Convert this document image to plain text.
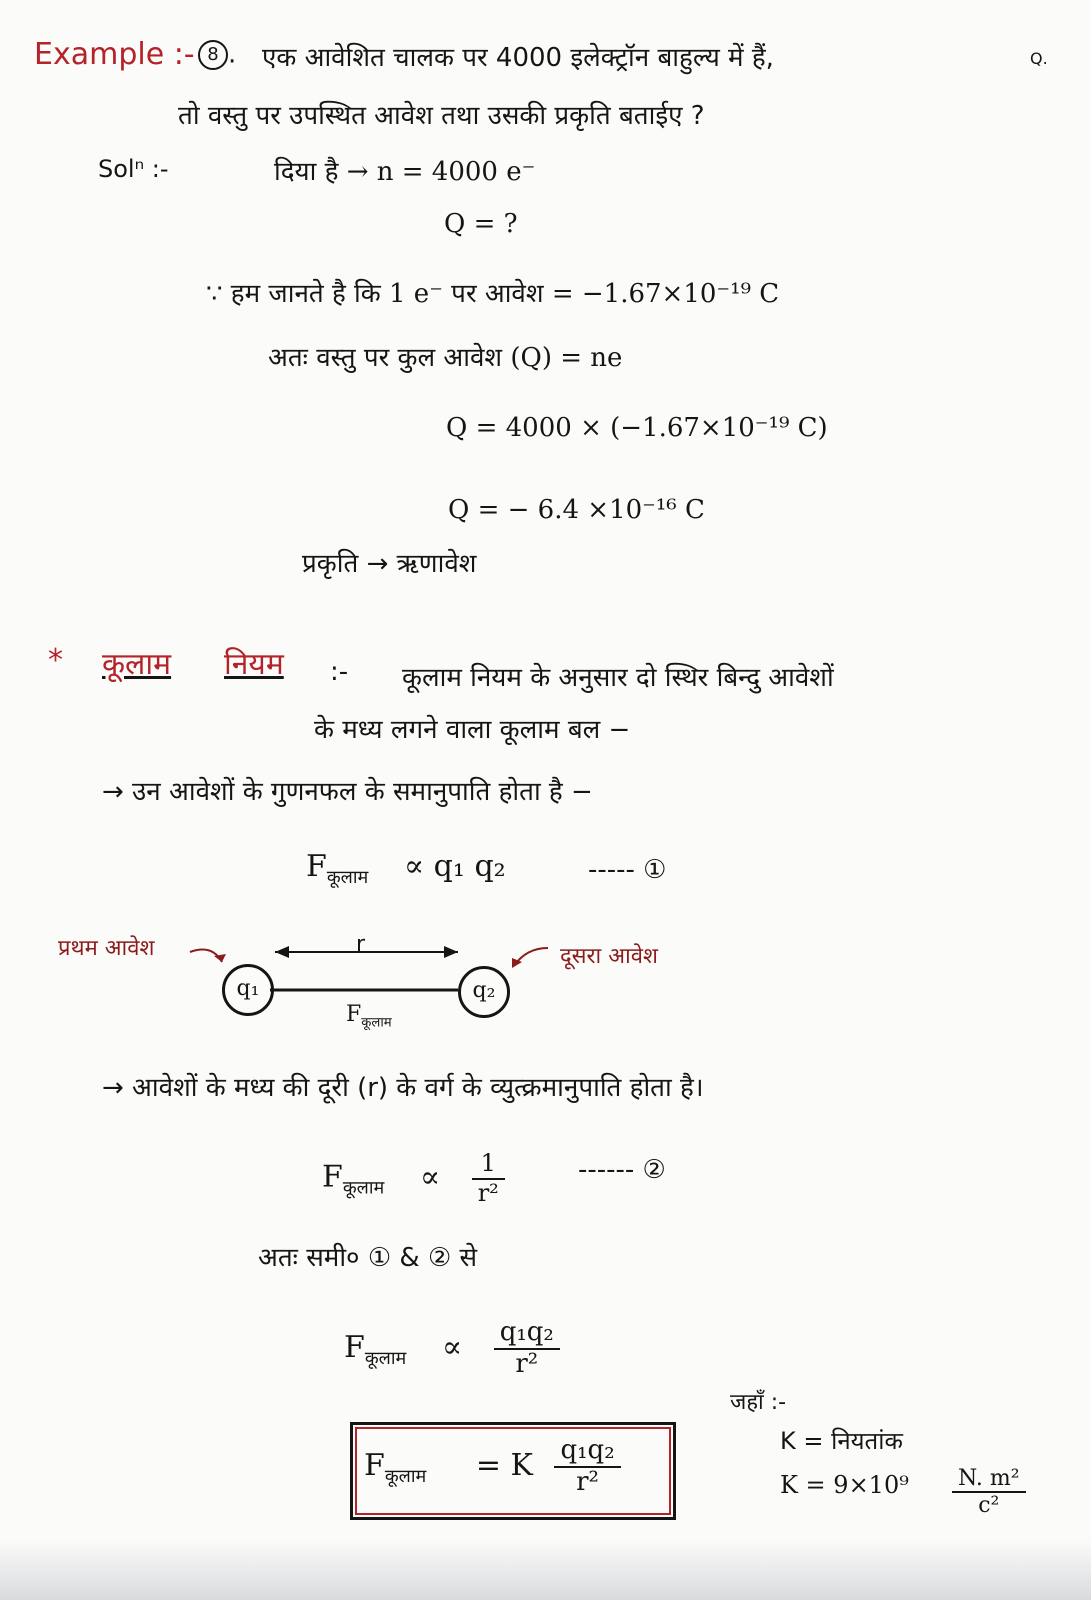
Example :- 8 . एक आवेशित चालक पर 4000 इलेक्ट्रॉन बाहुल्य में हैं,	Q.
तो वस्तु पर उपस्थित आवेश तथा उसकी प्रकृति बताईए ?
Solⁿ :-	दिया है → n = 4000 e⁻
Q = ?
∵ हम जानते है कि 1 e⁻ पर आवेश = −1.67×10⁻¹⁹ C
अतः वस्तु पर कुल आवेश (Q) = ne
Q = 4000 × (−1.67×10⁻¹⁹ C)
Q = − 6.4 ×10⁻¹⁶ C
प्रकृति → ऋणावेश
* कूलाम नियम :- कूलाम नियम के अनुसार दो स्थिर बिन्दु आवेशों
के मध्य लगने वाला कूलाम बल −
→ उन आवेशों के गुणनफल के समानुपाति होता है −
$F_{कूलाम} \propto q_1$ q₂	----- ①
प्रथम आवेश	दूसरा आवेश
r
q₁	q₂
$F_{कूलाम}$
→ आवेशों के मध्य की दूरी (r) के वर्ग के व्युत्क्रमानुपाति होता है।
$F_{कूलाम} \propto \frac{1}{\text{r²}}$	------ ②
अतः समी० ① & ② से
$F_{कूलाम} \propto \frac{\text{q₁q₂}}{\text{r²}}$
$F_{कूलाम} = K \frac{\text{q₁q₂}}{\text{r²}}$
जहाँ :-
K = नियतांक
$K = 9\times 10^9 \frac{\text{N. m²}}{\text{c²}}$
